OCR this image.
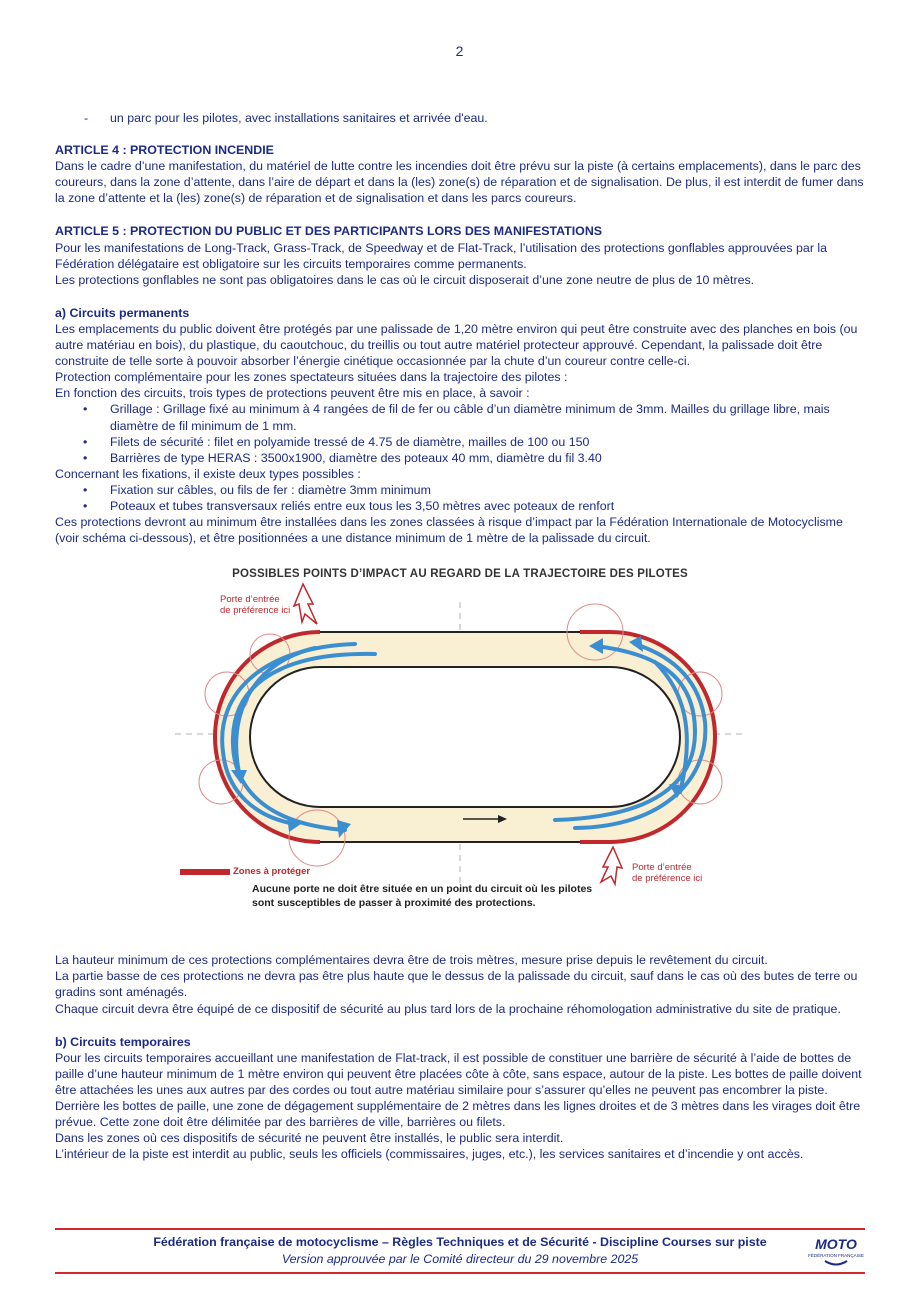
2

- un parc pour les pilotes, avec installations sanitaires et arrivée d'eau.

ARTICLE 4 : PROTECTION INCENDIE

Dans le cadre d’une manifestation, du matériel de lutte contre les incendies doit être prévu sur la piste (à certains emplacements), dans le parc des coureurs, dans la zone d’attente, dans l’aire de départ et dans la (les) zone(s) de réparation et de signalisation. De plus, il est interdit de fumer dans la zone d’attente et la (les) zone(s) de réparation et de signalisation et dans les parcs coureurs.

ARTICLE 5 : PROTECTION DU PUBLIC ET DES PARTICIPANTS LORS DES MANIFESTATIONS

Pour les manifestations de Long-Track, Grass-Track, de Speedway et de Flat-Track, l’utilisation des protections gonflables approuvées par la Fédération délégataire est obligatoire sur les circuits temporaires comme permanents.

Les protections gonflables ne sont pas obligatoires dans le cas où le circuit disposerait d’une zone neutre de plus de 10 mètres.

a) Circuits permanents

Les emplacements du public doivent être protégés par une palissade de 1,20 mètre environ qui peut être construite avec des planches en bois (ou autre matériau en bois), du plastique, du caoutchouc, du treillis ou tout autre matériel protecteur approuvé. Cependant, la palissade doit être construite de telle sorte à pouvoir absorber l’énergie cinétique occasionnée par la chute d’un coureur contre celle-ci.

Protection complémentaire pour les zones spectateurs situées dans la trajectoire des pilotes :

En fonction des circuits, trois types de protections peuvent être mis en place, à savoir :

• Grillage : Grillage fixé au minimum à 4 rangées de fil de fer ou câble d’un diamètre minimum de 3mm. Mailles du grillage libre, mais diamètre de fil minimum de 1 mm.
• Filets de sécurité : filet en polyamide tressé de 4.75 de diamètre, mailles de 100 ou 150
• Barrières de type HERAS : 3500x1900, diamètre des poteaux 40 mm, diamètre du fil 3.40

Concernant les fixations, il existe deux types possibles :

• Fixation sur câbles, ou fils de fer : diamètre 3mm minimum
• Poteaux et tubes transversaux reliés entre eux tous les 3,50 mètres avec poteaux de renfort

Ces protections devront au minimum être installées dans les zones classées à risque d’impact par la Fédération Internationale de Motocyclisme (voir schéma ci-dessous), et être positionnées a une distance minimum de 1 mètre de la palissade du circuit.

POSSIBLES POINTS D’IMPACT AU REGARD DE LA TRAJECTOIRE DES PILOTES
Porte d’entrée
de préférence ici
Porte d’entrée
de préférence ici
Zones à protéger
Aucune porte ne doit être située en un point du circuit où les pilotes
sont susceptibles de passer à proximité des protections.

La hauteur minimum de ces protections complémentaires devra être de trois mètres, mesure prise depuis le revêtement du circuit.

La partie basse de ces protections ne devra pas être plus haute que le dessus de la palissade du circuit, sauf dans le cas où des butes de terre ou gradins sont aménagés.

Chaque circuit devra être équipé de ce dispositif de sécurité au plus tard lors de la prochaine réhomologation administrative du site de pratique.

b) Circuits temporaires

Pour les circuits temporaires accueillant une manifestation de Flat-track, il est possible de constituer une barrière de sécurité à l’aide de bottes de paille d’une hauteur minimum de 1 mètre environ qui peuvent être placées côte à côte, sans espace, autour de la piste. Les bottes de paille doivent être attachées les unes aux autres par des cordes ou tout autre matériau similaire pour s’assurer qu’elles ne peuvent pas encombrer la piste. Derrière les bottes de paille, une zone de dégagement supplémentaire de 2 mètres dans les lignes droites et de 3 mètres dans les virages doit être prévue. Cette zone doit être délimitée par des barrières de ville, barrières ou filets.

Dans les zones où ces dispositifs de sécurité ne peuvent être installés, le public sera interdit.

L’intérieur de la piste est interdit au public, seuls les officiels (commissaires, juges, etc.), les services sanitaires et d’incendie y ont accès.

Fédération française de motocyclisme – Règles Techniques et de Sécurité - Discipline Courses sur piste
Version approuvée par le Comité directeur du 29 novembre 2025
MOTO
FÉDÉRATION FRANÇAISE
